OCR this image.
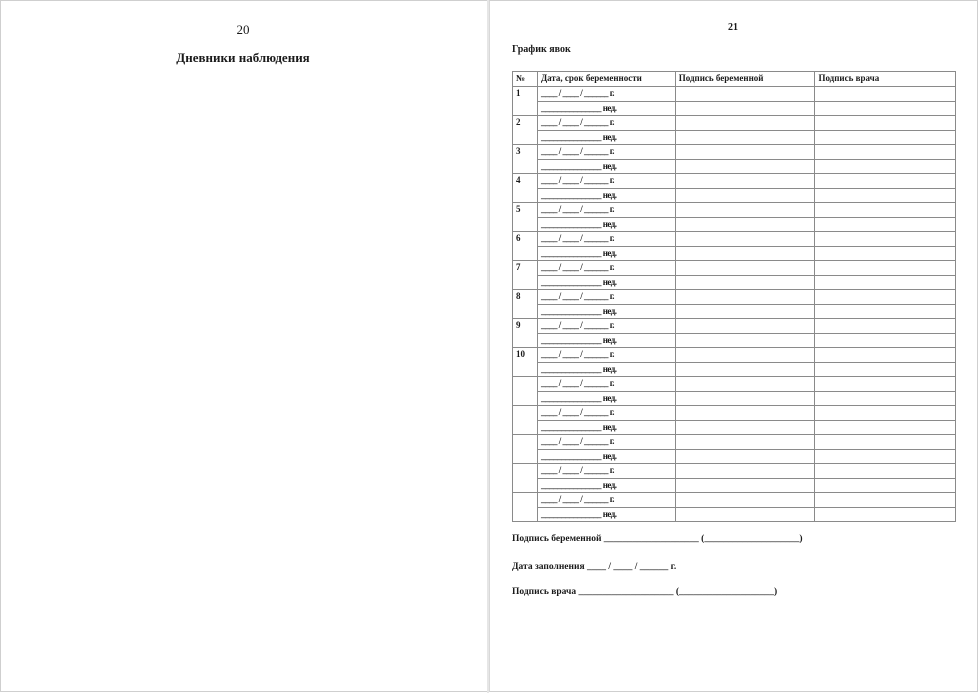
20
Дневники наблюдения
21
График явок
№	Дата, срок беременности	Подпись беременной	Подпись врача
1	____ / ____ / ______ г.		
	_______________ нед.		
2	____ / ____ / ______ г.		
	_______________ нед.		
3	____ / ____ / ______ г.		
	_______________ нед.		
4	____ / ____ / ______ г.		
	_______________ нед.		
5	____ / ____ / ______ г.		
	_______________ нед.		
6	____ / ____ / ______ г.		
	_______________ нед.		
7	____ / ____ / ______ г.		
	_______________ нед.		
8	____ / ____ / ______ г.		
	_______________ нед.		
9	____ / ____ / ______ г.		
	_______________ нед.		
10	____ / ____ / ______ г.		
	_______________ нед.		
	____ / ____ / ______ г.		
	_______________ нед.		
	____ / ____ / ______ г.		
	_______________ нед.		
	____ / ____ / ______ г.		
	_______________ нед.		
	____ / ____ / ______ г.		
	_______________ нед.		
	____ / ____ / ______ г.		
	_______________ нед.		
Подпись беременной ____________________ (____________________)
Дата заполнения ____ / ____ / ______ г.
Подпись врача ____________________ (____________________)
